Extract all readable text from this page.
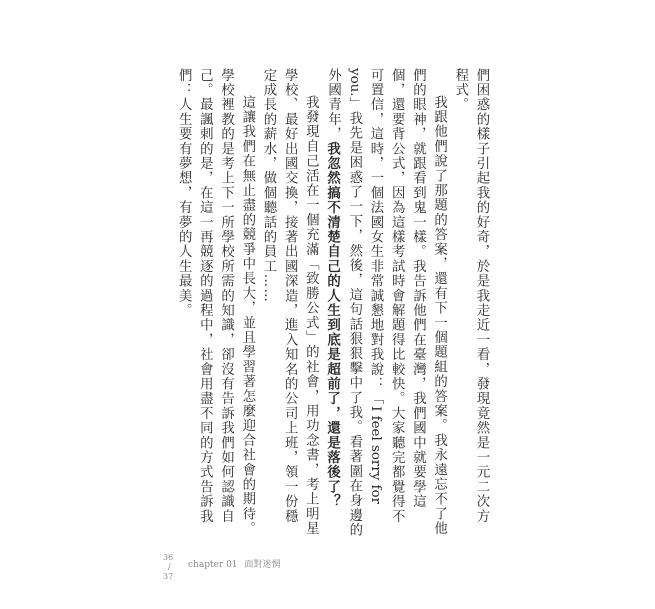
們困惑的樣子引起我的好奇，於是我走近一看，發現竟然是一元二次方程式。

我跟他們說了那題的答案，還有下一個題組的答案。我永遠忘不了他們的眼神，就跟看到鬼一樣。我告訴他們在臺灣，我們國中就要學這個，還要背公式，因為這樣考試時會解題得比較快。大家聽完都覺得不可置信，這時，一個法國女生非常誠懇地對我說：「I feel sorry for you.」我先是困惑了一下，然後，這句話狠狠擊中了我。看著圍在身邊的外國青年，我忽然搞不清楚自己的人生到底是超前了，還是落後了？

我發現自己活在一個充滿「致勝公式」的社會，用功念書，考上明星學校、最好出國交換，接著出國深造，進入知名的公司上班，領一份穩定成長的薪水，做個聽話的員工……

這讓我們在無止盡的競爭中長大，並且學習著怎麼迎合社會的期待。學校裡教的是考上下一所學校所需的知識，卻沒有告訴我們如何認識自己。最諷刺的是，在這一再競逐的過程中，社會用盡不同的方式告訴我們：人生要有夢想，有夢的人生最美。

36
/
37
chapter 01 面對迷惘
